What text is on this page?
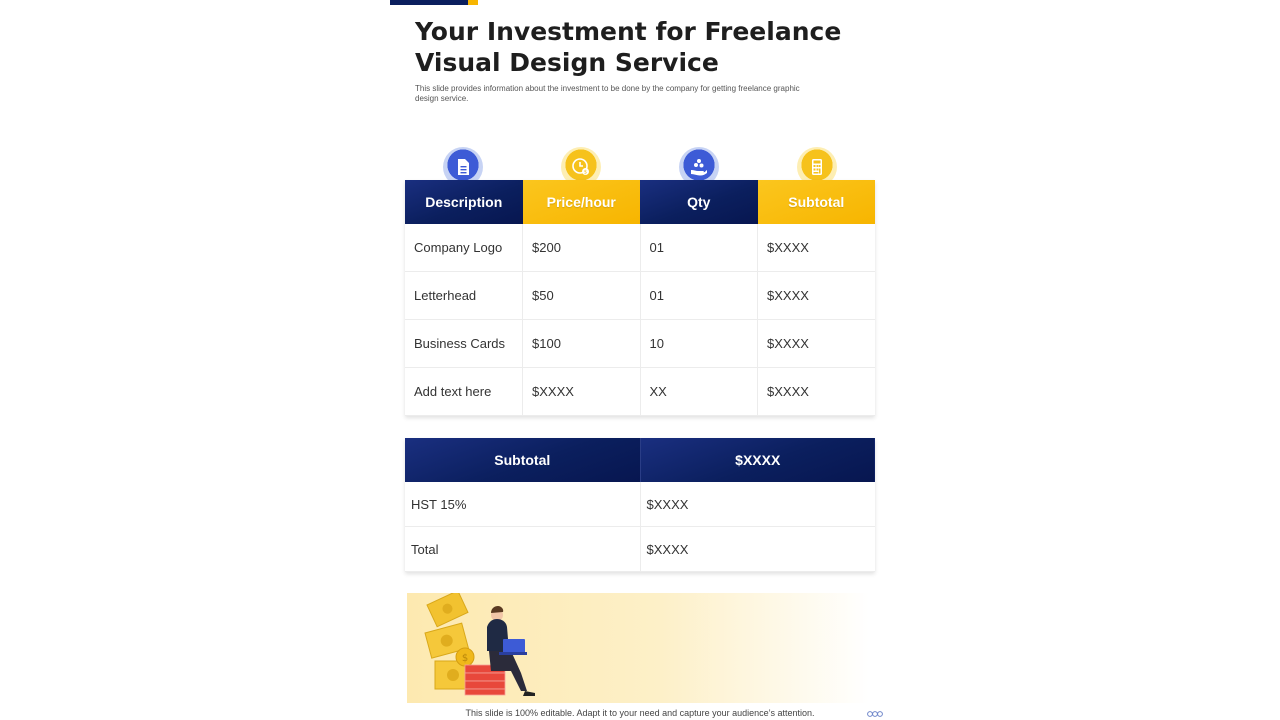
Your Investment for Freelance Visual Design Service

This slide provides information about the investment to be done by the company for getting freelance graphic design service.

$
Description	Price/hour	Qty	Subtotal
Company Logo	$200	01	$XXXX
Letterhead	$50	01	$XXXX
Business Cards	$100	10	$XXXX
Add text here	$XXXX	XX	$XXXX
Subtotal	$XXXX
HST 15%	$XXXX
Total	$XXXX
$
This slide is 100% editable. Adapt it to your need and capture your audience’s attention.
